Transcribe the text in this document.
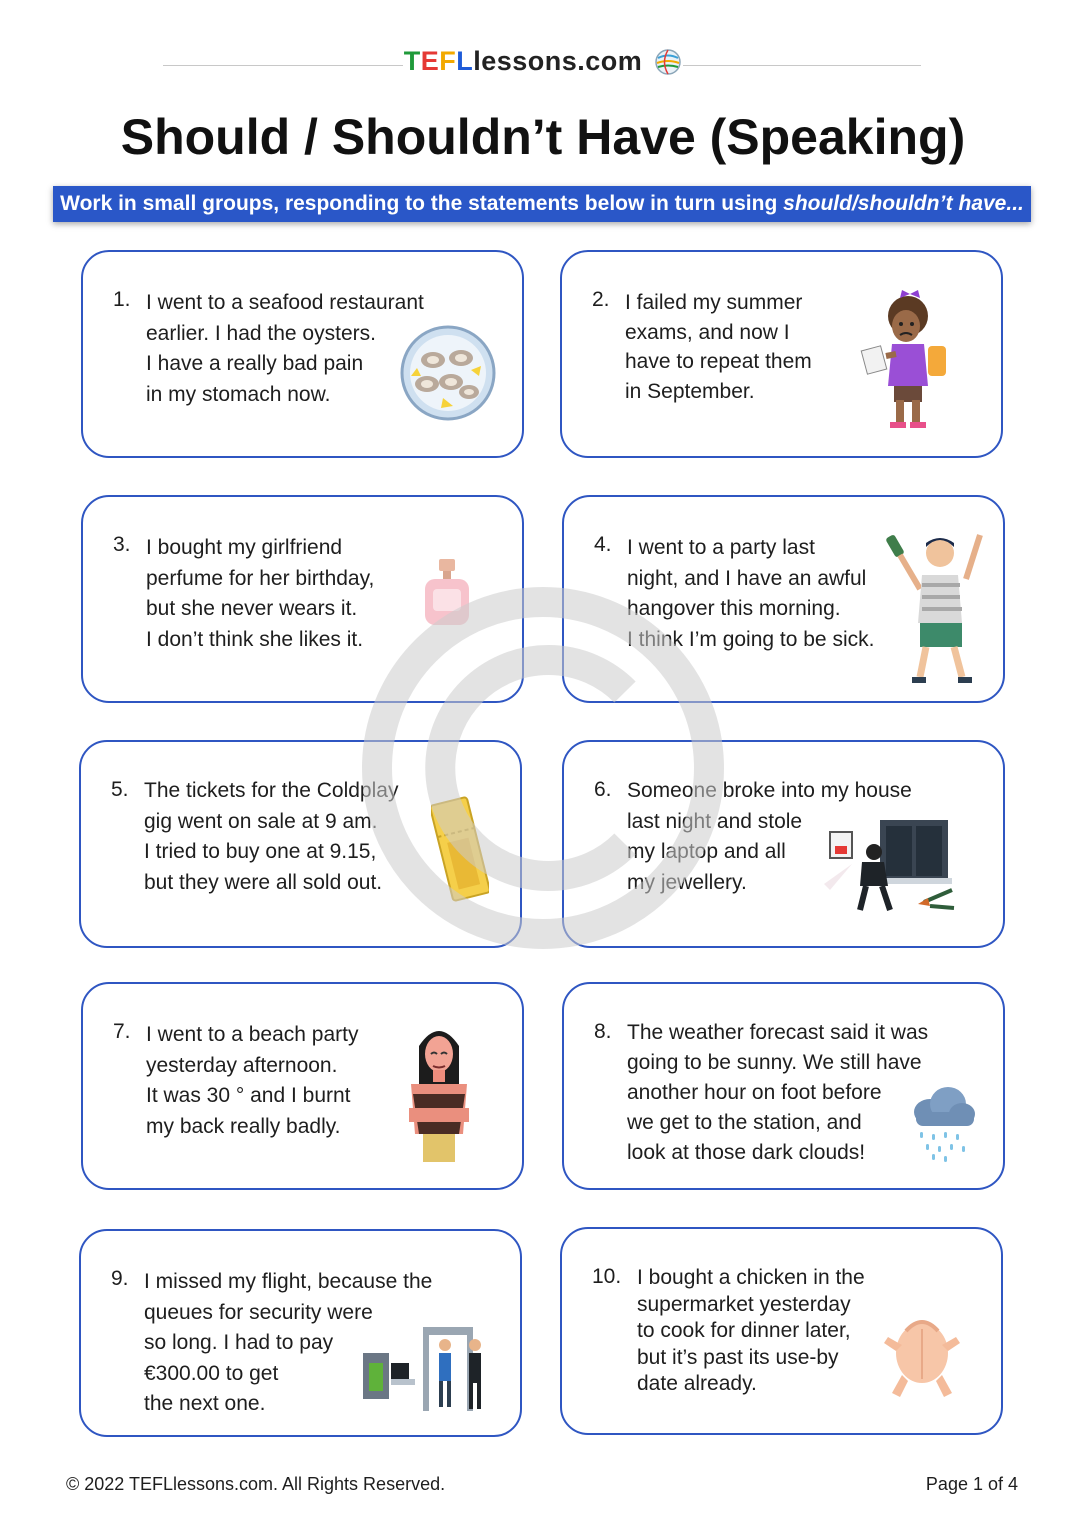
TEFLlessons.com
Should / Shouldn’t Have (Speaking)
Work in small groups, responding to the statements below in turn using should/shouldn’t have...
1. I went to a seafood restaurant
earlier. I had the oysters.
I have a really bad pain
in my stomach now.
2. I failed my summer
exams, and now I
have to repeat them
in September.
3. I bought my girlfriend
perfume for her birthday,
but she never wears it.
I don’t think she likes it.
4. I went to a party last
night, and I have an awful
hangover this morning.
I think I’m going to be sick.
5. The tickets for the Coldplay
gig went on sale at 9 am.
I tried to buy one at 9.15,
but they were all sold out.
6. Someone broke into my house
last night and stole
my laptop and all
my jewellery.
7. I went to a beach party
yesterday afternoon.
It was 30 ° and I burnt
my back really badly.
8. The weather forecast said it was
going to be sunny. We still have
another hour on foot before
we get to the station, and
look at those dark clouds!
9. I missed my flight, because the
queues for security were
so long. I had to pay
€300.00 to get
the next one.
10. I bought a chicken in the
supermarket yesterday
to cook for dinner later,
but it’s past its use-by
date already.
© 2022 TEFLlessons.com. All Rights Reserved.	Page 1 of 4
